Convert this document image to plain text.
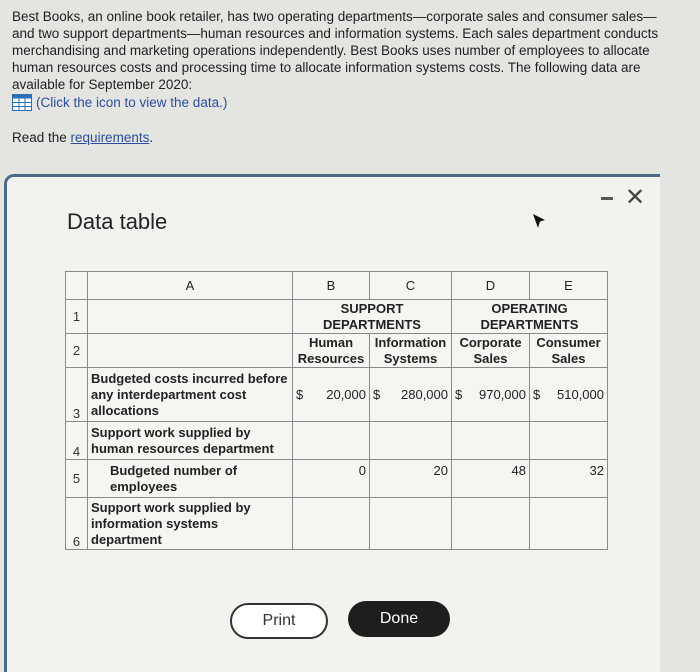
Best Books, an online book retailer, has two operating departments—corporate sales and consumer sales—and two support departments—human resources and information systems. Each sales department conducts merchandising and marketing operations independently. Best Books uses number of employees to allocate human resources costs and processing time to allocate information systems costs. The following data are available for September 2020:
(Click the icon to view the data.)
Read the requirements.
Data table
✕
	A	B	C	D	E
1		SUPPORT DEPARTMENTS		OPERATING DEPARTMENTS	
2		Human Resources	Information Systems	Corporate Sales	Consumer Sales
3	Budgeted costs incurred before any interdepartment cost allocations	$ 20,000	$ 280,000	$ 970,000	$ 510,000
4	Support work supplied by human resources department				
5	Budgeted number of employees	0	20	48	32
6	Support work supplied by information systems department				
Print	Done
